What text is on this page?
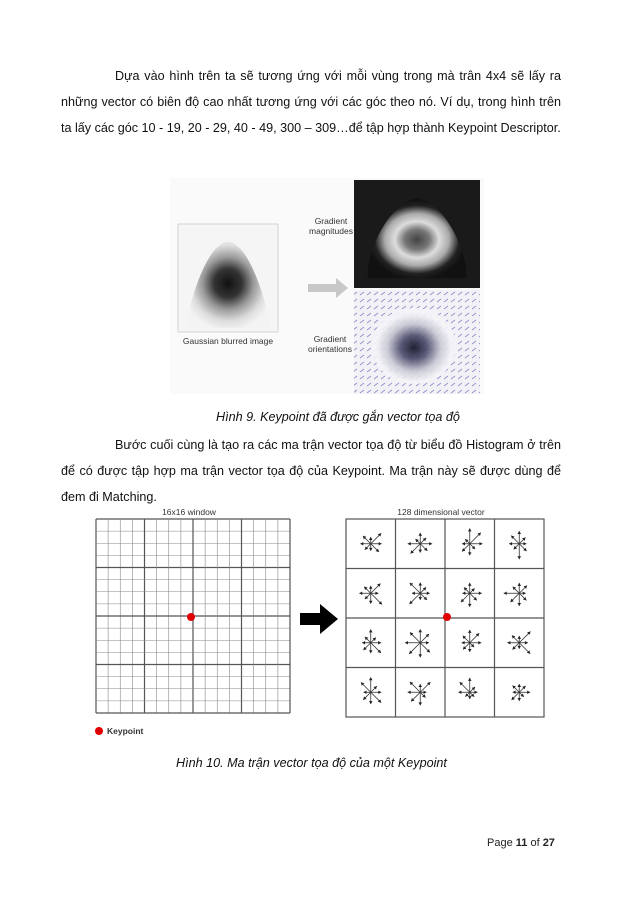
Dựa vào hình trên ta sẽ tương ứng với mỗi vùng trong mà trân 4x4 sẽ lấy ra những vector có biên độ cao nhất tương ứng với các góc theo nó. Ví dụ, trong hình trên ta lấy các góc 10 - 19, 20 - 29, 40 - 49, 300 – 309…để tập hợp thành Keypoint Descriptor.
Gradient
magnitudes
Gaussian blurred image	Gradient
orientations
Hình 9. Keypoint đã được gắn vector tọa độ
Bước cuối cùng là tạo ra các ma trận vector tọa độ từ biểu đồ Histogram ở trên để có được tập hợp ma trận vector tọa độ của Keypoint. Ma trận này sẽ được dùng để đem đi Matching.
16x16 window	128 dimensional vector
Keypoint
Hình 10. Ma trận vector tọa độ của một Keypoint
Page 11 of 27
